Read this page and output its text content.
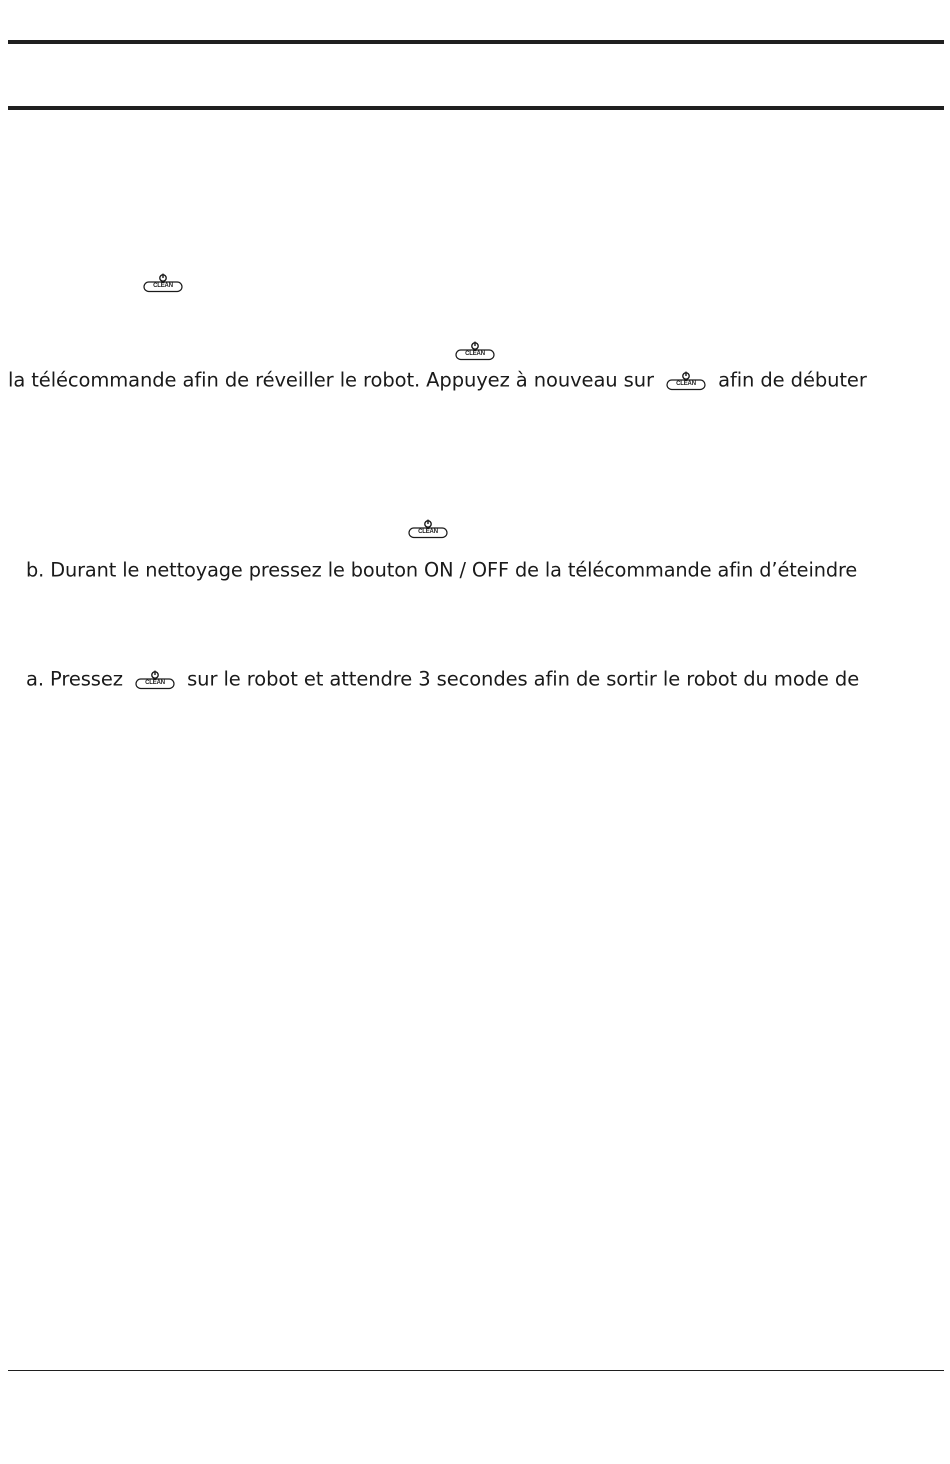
CLEAN
CLEAN
CLEAN
la télécommande afin de réveiller le robot. Appuyez à nouveau sur	CLEAN	afin de débuter
b. Durant le nettoyage pressez le bouton ON / OFF de la télécommande afin d’éteindre
a. Pressez	CLEAN	sur le robot et attendre 3 secondes afin de sortir le robot du mode de
